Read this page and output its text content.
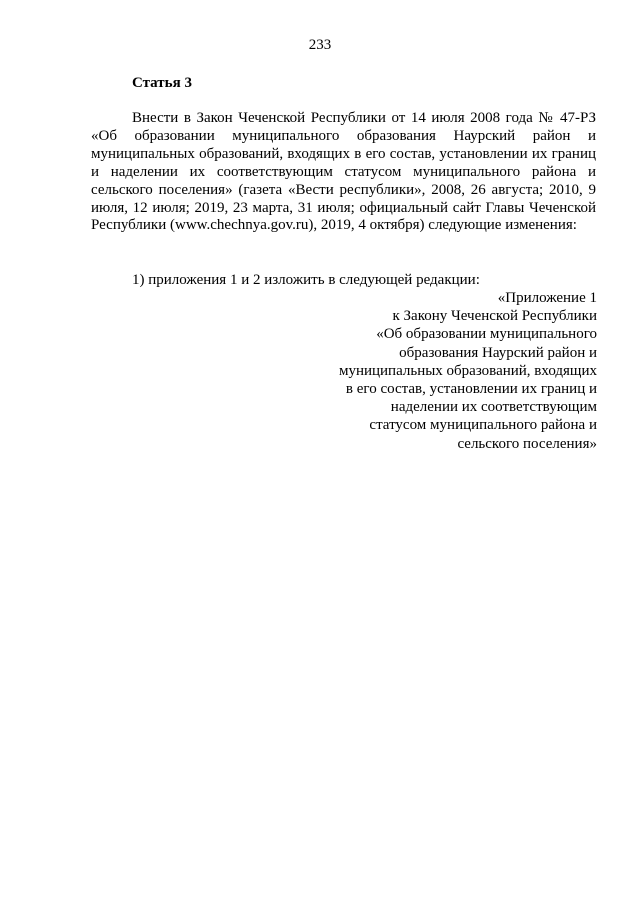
233
Статья 3

Внести в Закон Чеченской Республики от 14 июля 2008 года № 47-РЗ «Об образовании муниципального образования Наурский район и муниципальных образований, входящих в его состав, установлении их границ и наделении их соответствующим статусом муниципального района и сельского поселения» (газета «Вести республики», 2008, 26 августа; 2010, 9 июля, 12 июля; 2019, 23 марта, 31 июля; официальный сайт Главы Чеченской Республики (www.chechnya.gov.ru), 2019, 4 октября) следующие изменения:

1) приложения 1 и 2 изложить в следующей редакции:
«Приложение 1
к Закону Чеченской Республики
«Об образовании муниципального
образования Наурский район и
муниципальных образований, входящих
в его состав, установлении их границ и
наделении их соответствующим
статусом муниципального района и
сельского поселения»
